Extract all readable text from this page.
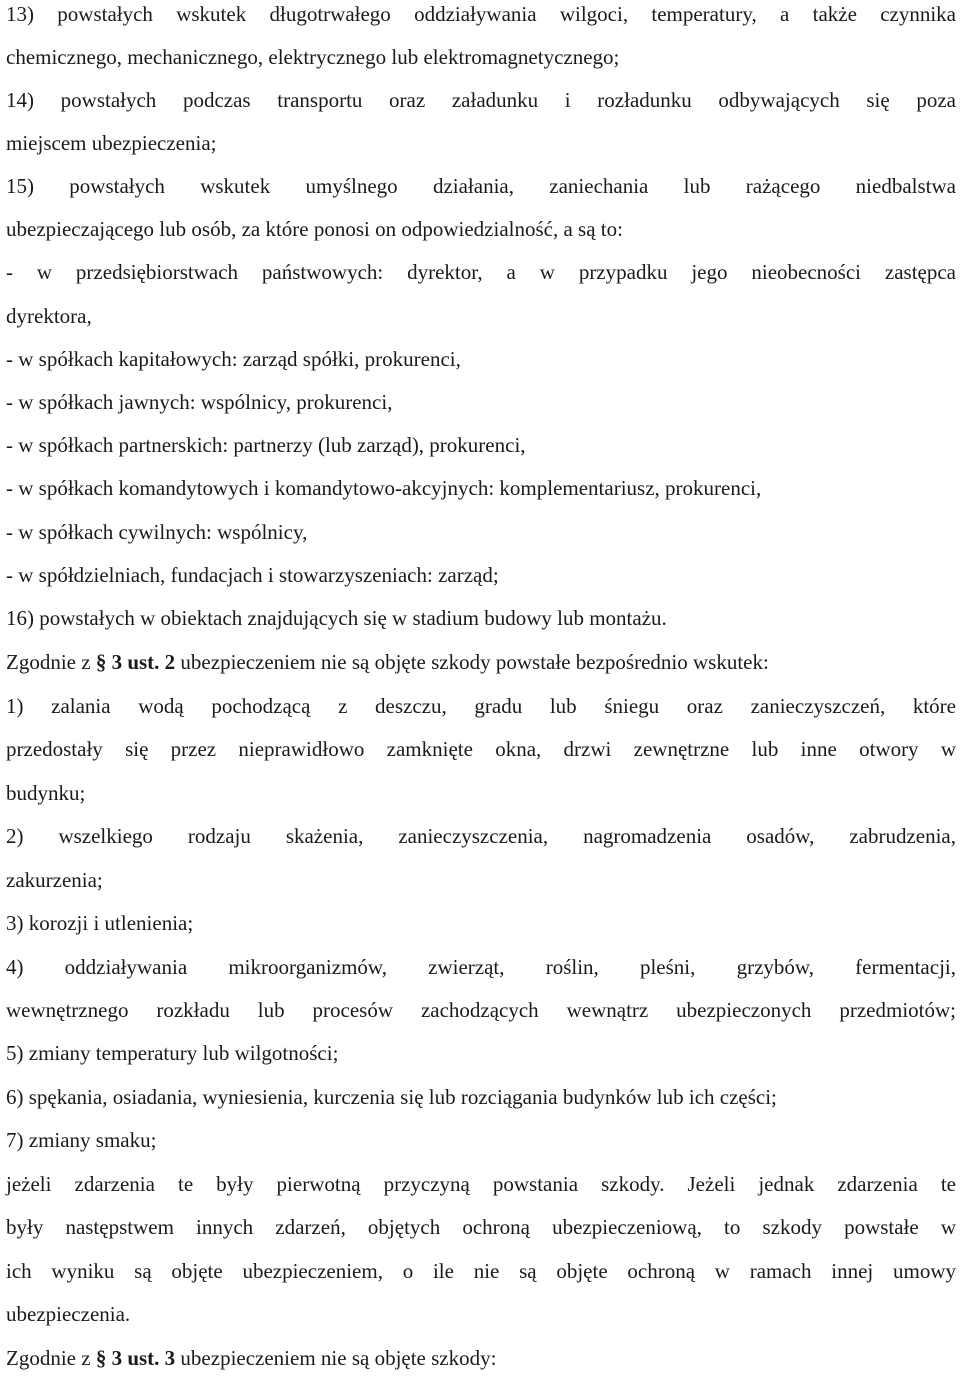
13) powstałych wskutek długotrwałego oddziaływania wilgoci, temperatury, a także czynnika
chemicznego, mechanicznego, elektrycznego lub elektromagnetycznego;
14) powstałych podczas transportu oraz załadunku i rozładunku odbywających się poza
miejscem ubezpieczenia;
15) powstałych wskutek umyślnego działania, zaniechania lub rażącego niedbalstwa
ubezpieczającego lub osób, za które ponosi on odpowiedzialność, a są to:
- w przedsiębiorstwach państwowych: dyrektor, a w przypadku jego nieobecności zastępca
dyrektora,
- w spółkach kapitałowych: zarząd spółki, prokurenci,
- w spółkach jawnych: wspólnicy, prokurenci,
- w spółkach partnerskich: partnerzy (lub zarząd), prokurenci,
- w spółkach komandytowych i komandytowo-akcyjnych: komplementariusz, prokurenci,
- w spółkach cywilnych: wspólnicy,
- w spółdzielniach, fundacjach i stowarzyszeniach: zarząd;
16) powstałych w obiektach znajdujących się w stadium budowy lub montażu.
Zgodnie z § 3 ust. 2 ubezpieczeniem nie są objęte szkody powstałe bezpośrednio wskutek:
1) zalania wodą pochodzącą z deszczu, gradu lub śniegu oraz zanieczyszczeń, które
przedostały się przez nieprawidłowo zamknięte okna, drzwi zewnętrzne lub inne otwory w
budynku;
2) wszelkiego rodzaju skażenia, zanieczyszczenia, nagromadzenia osadów, zabrudzenia,
zakurzenia;
3) korozji i utlenienia;
4) oddziaływania mikroorganizmów, zwierząt, roślin, pleśni, grzybów, fermentacji,
wewnętrznego rozkładu lub procesów zachodzących wewnątrz ubezpieczonych przedmiotów;
5) zmiany temperatury lub wilgotności;
6) spękania, osiadania, wyniesienia, kurczenia się lub rozciągania budynków lub ich części;
7) zmiany smaku;
jeżeli zdarzenia te były pierwotną przyczyną powstania szkody. Jeżeli jednak zdarzenia te
były następstwem innych zdarzeń, objętych ochroną ubezpieczeniową, to szkody powstałe w
ich wyniku są objęte ubezpieczeniem, o ile nie są objęte ochroną w ramach innej umowy
ubezpieczenia.
Zgodnie z § 3 ust. 3 ubezpieczeniem nie są objęte szkody:
